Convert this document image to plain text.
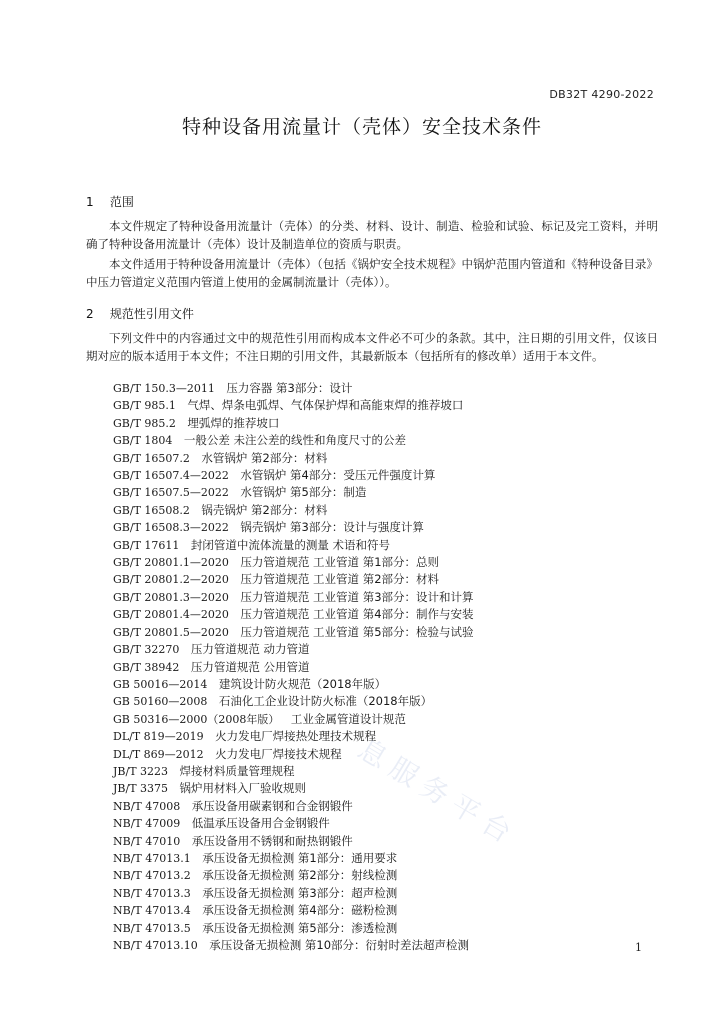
DB32T 4290-2022
特种设备用流量计（壳体）安全技术条件
1 范围

本文件规定了特种设备用流量计（壳体）的分类、材料、设计、制造、检验和试验、标记及完工资料，并明确了特种设备用流量计（壳体）设计及制造单位的资质与职责。

本文件适用于特种设备用流量计（壳体）（包括《锅炉安全技术规程》中锅炉范围内管道和《特种设备目录》中压力管道定义范围内管道上使用的金属制流量计（壳体））。

2 规范性引用文件

下列文件中的内容通过文中的规范性引用而构成本文件必不可少的条款。其中，注日期的引用文件，仅该日期对应的版本适用于本文件；不注日期的引用文件，其最新版本（包括所有的修改单）适用于本文件。

GB/T 150.3—2011  压力容器 第3部分：设计
GB/T 985.1  气焊、焊条电弧焊、气体保护焊和高能束焊的推荐坡口
GB/T 985.2  埋弧焊的推荐坡口
GB/T 1804  一般公差 未注公差的线性和角度尺寸的公差
GB/T 16507.2  水管锅炉 第2部分：材料
GB/T 16507.4—2022  水管锅炉 第4部分：受压元件强度计算
GB/T 16507.5—2022  水管锅炉 第5部分：制造
GB/T 16508.2  锅壳锅炉 第2部分：材料
GB/T 16508.3—2022  锅壳锅炉 第3部分：设计与强度计算
GB/T 17611  封闭管道中流体流量的测量 术语和符号
GB/T 20801.1—2020  压力管道规范 工业管道 第1部分：总则
GB/T 20801.2—2020  压力管道规范 工业管道 第2部分：材料
GB/T 20801.3—2020  压力管道规范 工业管道 第3部分：设计和计算
GB/T 20801.4—2020  压力管道规范 工业管道 第4部分：制作与安装
GB/T 20801.5—2020  压力管道规范 工业管道 第5部分：检验与试验
GB/T 32270  压力管道规范 动力管道
GB/T 38942  压力管道规范 公用管道
GB 50016—2014  建筑设计防火规范（2018年版）
GB 50160—2008  石油化工企业设计防火标准（2018年版）
GB 50316—2000（2008年版）  工业金属管道设计规范
DL/T 819—2019  火力发电厂焊接热处理技术规程
DL/T 869—2012  火力发电厂焊接技术规程
JB/T 3223  焊接材料质量管理规程
JB/T 3375  锅炉用材料入厂验收规则
NB/T 47008  承压设备用碳素钢和合金钢锻件
NB/T 47009  低温承压设备用合金钢锻件
NB/T 47010  承压设备用不锈钢和耐热钢锻件
NB/T 47013.1  承压设备无损检测 第1部分：通用要求
NB/T 47013.2  承压设备无损检测 第2部分：射线检测
NB/T 47013.3  承压设备无损检测 第3部分：超声检测
NB/T 47013.4  承压设备无损检测 第4部分：磁粉检测
NB/T 47013.5  承压设备无损检测 第5部分：渗透检测
NB/T 47013.10  承压设备无损检测 第10部分：衍射时差法超声检测
息服务平台
1
